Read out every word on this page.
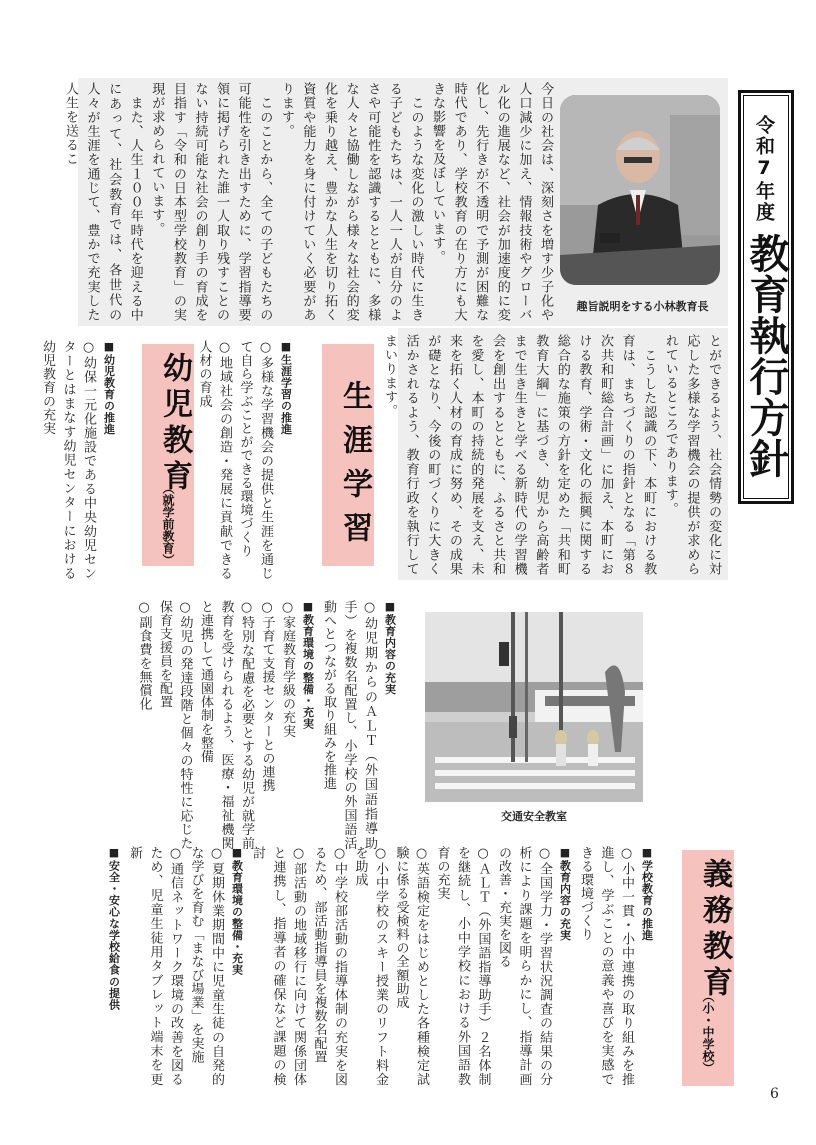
今日の社会は、深刻さを増す少子化や人口減少に加え、情報技術やグローバル化の進展など、社会が加速度的に変化し、先行きが不透明で予測が困難な時代であり、学校教育の在り方にも大きな影響を及ぼしています。
　このような変化の激しい時代に生きる子どもたちは、一人一人が自分のよさや可能性を認識するとともに、多様な人々と協働しながら様々な社会的変化を乗り越え、豊かな人生を切り拓く資質や能力を身に付けていく必要があります。
　このことから、全ての子どもたちの可能性を引き出すために、学習指導要領に掲げられた誰一人取り残すことのない持続可能な社会の創り手の育成を目指す「令和の日本型学校教育」の実現が求められています。
　また、人生１００年時代を迎える中にあって、社会教育では、各世代の人々が生涯を通じて、豊かで充実した人生を送るこ
趣旨説明をする小林教育長
令和7年度
教育執行方針
とができるよう、社会情勢の変化に対応した多様な学習機会の提供が求められているところであります。
　こうした認識の下、本町における教育は、まちづくりの指針となる「第８次共和町総合計画」に加え、本町における教育、学術・文化の振興に関する総合的な施策の方針を定めた「共和町教育大綱」に基づき、幼児から高齢者まで生き生きと学べる新時代の学習機会を創出するとともに、ふるさと共和を愛し、本町の持続的発展を支え、未来を拓く人材の育成に努め、その成果が礎となり、今後の町づくりに大きく活かされるよう、教育行政を執行してまいります。
生涯学習

■生涯学習の推進
○多様な学習機会の提供と生涯を通じて自ら学ぶことができる環境づくり
○地域社会の創造・発展に貢献できる人材の育成

幼児教育
（就学前教育）

■幼児教育の推進
○幼保一元化施設である中央幼児センターとはまなす幼児センターにおける幼児教育の充実

■教育内容の充実
○幼児期からのＡＬＴ（外国語指導助手）を複数名配置し、小学校の外国語活動へとつながる取り組みを推進

■教育環境の整備・充実
○家庭教育学級の充実
○子育て支援センターとの連携
○特別な配慮を必要とする幼児が就学前教育を受けられるよう、医療・福祉機関と連携して通園体制を整備
○幼児の発達段階と個々の特性に応じた保育支援員を配置
○副食費を無償化

交通安全教室

義務教育
（小・中学校）

■学校教育の推進
○小中一貫・小中連携の取り組みを推進し、学ぶことの意義や喜びを実感できる環境づくり

■教育内容の充実
○全国学力・学習状況調査の結果の分析により課題を明らかにし、指導計画の改善・充実を図る
○ＡＬＴ（外国語指導助手）２名体制を継続し、小中学校における外国語教育の充実
○英語検定をはじめとした各種検定試験に係る受検料の全額助成
○小中学校のスキー授業のリフト料金を助成
○中学校部活動の指導体制の充実を図るため、部活動指導員を複数名配置
○部活動の地域移行に向けて関係団体と連携し、指導者の確保など課題の検討

■教育環境の整備・充実
○夏期休業期間中に児童生徒の自発的な学びを育む「まなび場業」を実施
○通信ネットワーク環境の改善を図るため、児童生徒用タブレット端末を更新

■安全・安心な学校給食の提供

6
